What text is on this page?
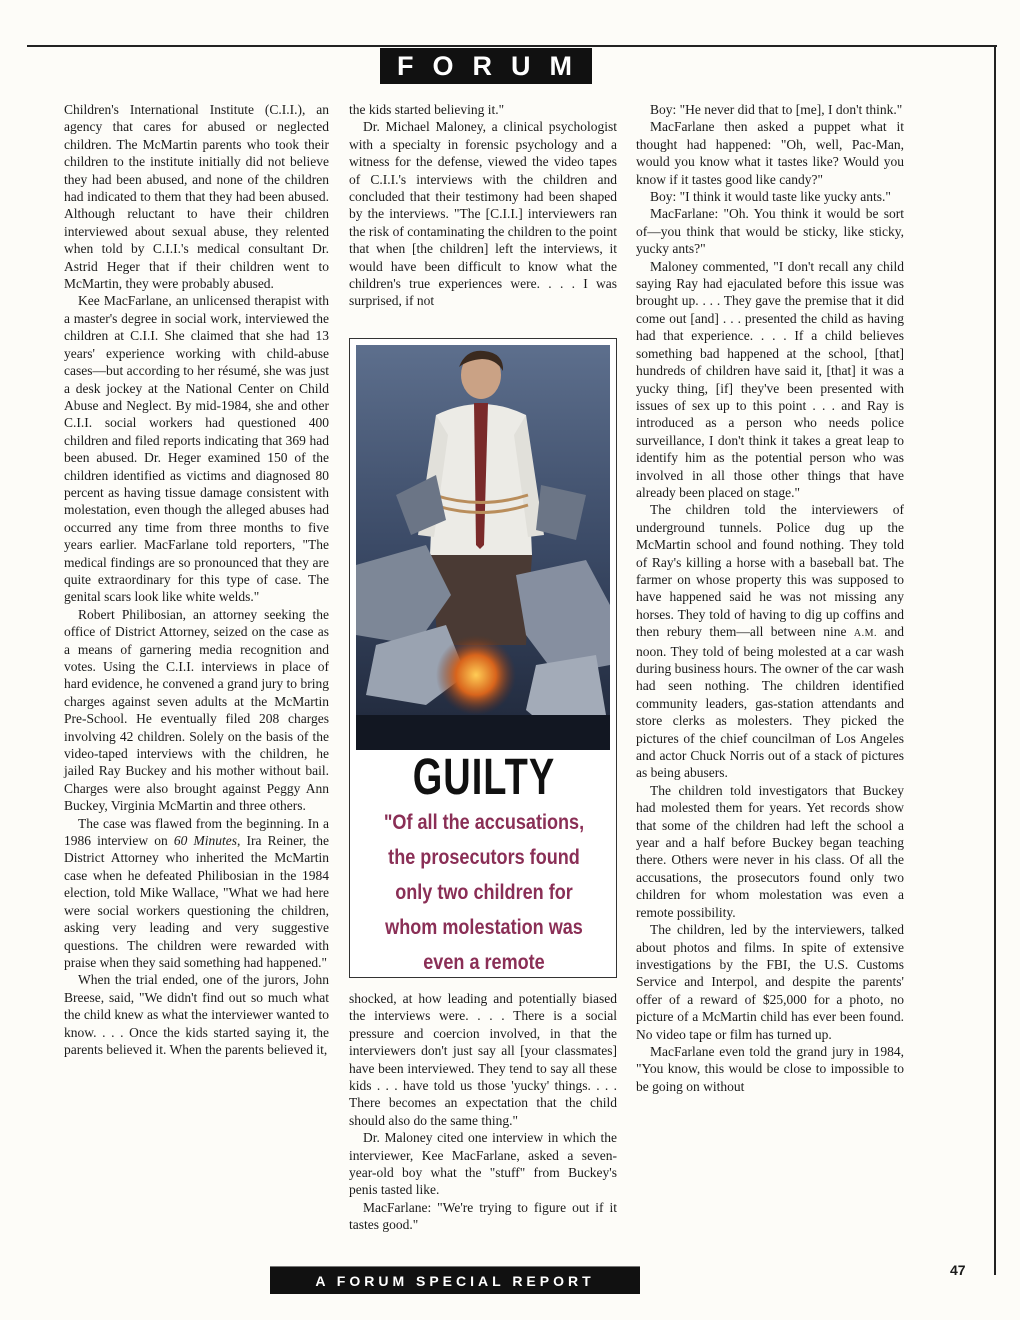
FORUM

Children's International Institute (C.I.I.), an agency that cares for abused or neglected children. The McMartin parents who took their children to the institute initially did not believe they had been abused, and none of the children had indicated to them that they had been abused. Although reluctant to have their children interviewed about sexual abuse, they relented when told by C.I.I.'s medical consultant Dr. Astrid Heger that if their children went to McMartin, they were probably abused.

Kee MacFarlane, an unlicensed therapist with a master's degree in social work, interviewed the children at C.I.I. She claimed that she had 13 years' experience working with child-abuse cases—but according to her résumé, she was just a desk jockey at the National Center on Child Abuse and Neglect. By mid-1984, she and other C.I.I. social workers had questioned 400 children and filed reports indicating that 369 had been abused. Dr. Heger examined 150 of the children identified as victims and diagnosed 80 percent as having tissue damage consistent with molestation, even though the alleged abuses had occurred any time from three months to five years earlier. MacFarlane told reporters, "The medical findings are so pronounced that they are quite extraordinary for this type of case. The genital scars look like white welds."

Robert Philibosian, an attorney seeking the office of District Attorney, seized on the case as a means of garnering media recognition and votes. Using the C.I.I. interviews in place of hard evidence, he convened a grand jury to bring charges against seven adults at the McMartin Pre-School. He eventually filed 208 charges involving 42 children. Solely on the basis of the video-taped interviews with the children, he jailed Ray Buckey and his mother without bail. Charges were also brought against Peggy Ann Buckey, Virginia McMartin and three others.

The case was flawed from the beginning. In a 1986 interview on 60 Minutes, Ira Reiner, the District Attorney who inherited the McMartin case when he defeated Philibosian in the 1984 election, told Mike Wallace, "What we had here were social workers questioning the children, asking very leading and very suggestive questions. The children were rewarded with praise when they said something had happened."

When the trial ended, one of the jurors, John Breese, said, "We didn't find out so much what the child knew as what the interviewer wanted to know. . . . Once the kids started saying it, the parents believed it. When the parents believed it,

the kids started believing it."

Dr. Michael Maloney, a clinical psychologist with a specialty in forensic psychology and a witness for the defense, viewed the video tapes of C.I.I.'s interviews with the children and concluded that their testimony had been shaped by the interviews. "The [C.I.I.] interviewers ran the risk of contaminating the children to the point that when [the children] left the interviews, it would have been difficult to know what the children's true experiences were. . . . I was surprised, if not

GUILTY
"Of all the accusations, the prosecutors found only two children for whom molestation was even a remote

shocked, at how leading and potentially biased the interviews were. . . . There is a social pressure and coercion involved, in that the interviewers don't just say all [your classmates] have been interviewed. They tend to say all these kids . . . have told us those 'yucky' things. . . . There becomes an expectation that the child should also do the same thing."

Dr. Maloney cited one interview in which the interviewer, Kee MacFarlane, asked a seven-year-old boy what the "stuff" from Buckey's penis tasted like.

MacFarlane: "We're trying to figure out if it tastes good."

Boy: "He never did that to [me], I don't think."

MacFarlane then asked a puppet what it thought had happened: "Oh, well, Pac-Man, would you know what it tastes like? Would you know if it tastes good like candy?"

Boy: "I think it would taste like yucky ants."

MacFarlane: "Oh. You think it would be sort of—you think that would be sticky, like sticky, yucky ants?"

Maloney commented, "I don't recall any child saying Ray had ejaculated before this issue was brought up. . . . They gave the premise that it did come out [and] . . . presented the child as having had that experience. . . . If a child believes something bad happened at the school, [that] hundreds of children have said it, [that] it was a yucky thing, [if] they've been presented with issues of sex up to this point . . . and Ray is introduced as a person who needs police surveillance, I don't think it takes a great leap to identify him as the potential person who was involved in all those other things that have already been placed on stage."

The children told the interviewers of underground tunnels. Police dug up the McMartin school and found nothing. They told of Ray's killing a horse with a baseball bat. The farmer on whose property this was supposed to have happened said he was not missing any horses. They told of having to dig up coffins and then rebury them—all between nine A.M. and noon. They told of being molested at a car wash during business hours. The owner of the car wash had seen nothing. The children identified community leaders, gas-station attendants and store clerks as molesters. They picked the pictures of the chief councilman of Los Angeles and actor Chuck Norris out of a stack of pictures as being abusers.

The children told investigators that Buckey had molested them for years. Yet records show that some of the children had left the school a year and a half before Buckey began teaching there. Others were never in his class. Of all the accusations, the prosecutors found only two children for whom molestation was even a remote possibility.

The children, led by the interviewers, talked about photos and films. In spite of extensive investigations by the FBI, the U.S. Customs Service and Interpol, and despite the parents' offer of a reward of $25,000 for a photo, no picture of a McMartin child has ever been found. No video tape or film has turned up.

MacFarlane even told the grand jury in 1984, "You know, this would be close to impossible to be going on without

A FORUM SPECIAL REPORT
47
